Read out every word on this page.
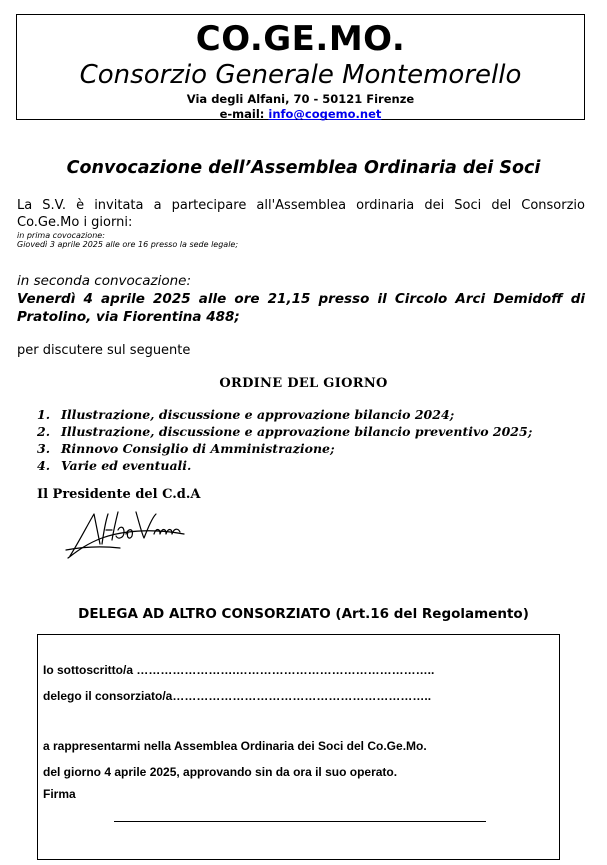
CO.GE.MO.
Consorzio Generale Montemorello
Via degli Alfani, 70 - 50121 Firenze
e-mail: info@cogemo.net
Convocazione dell’Assemblea Ordinaria dei Soci
La S.V. è invitata a partecipare all'Assemblea ordinaria dei Soci del Consorzio Co.Ge.Mo i giorni:
in prima covocazione:
Giovedì 3 aprile 2025 alle ore 16 presso la sede legale;
in seconda convocazione:
Venerdì 4 aprile 2025 alle ore 21,15 presso il Circolo Arci Demidoff di Pratolino, via Fiorentina 488;
per discutere sul seguente
ORDINE DEL GIORNO
1. Illustrazione, discussione e approvazione bilancio 2024;
2. Illustrazione, discussione e approvazione bilancio preventivo 2025;
3. Rinnovo Consiglio di Amministrazione;
4. Varie ed eventuali.
Il Presidente del C.d.A
DELEGA AD ALTRO CONSORZIATO (Art.16 del Regolamento)
Io sottoscritto/a …………………….…………………………………………..
delego il consorziato/a………………………………………………………..
a rappresentarmi nella Assemblea Ordinaria dei Soci del Co.Ge.Mo.
del giorno 4 aprile 2025, approvando sin da ora il suo operato.
Firma
